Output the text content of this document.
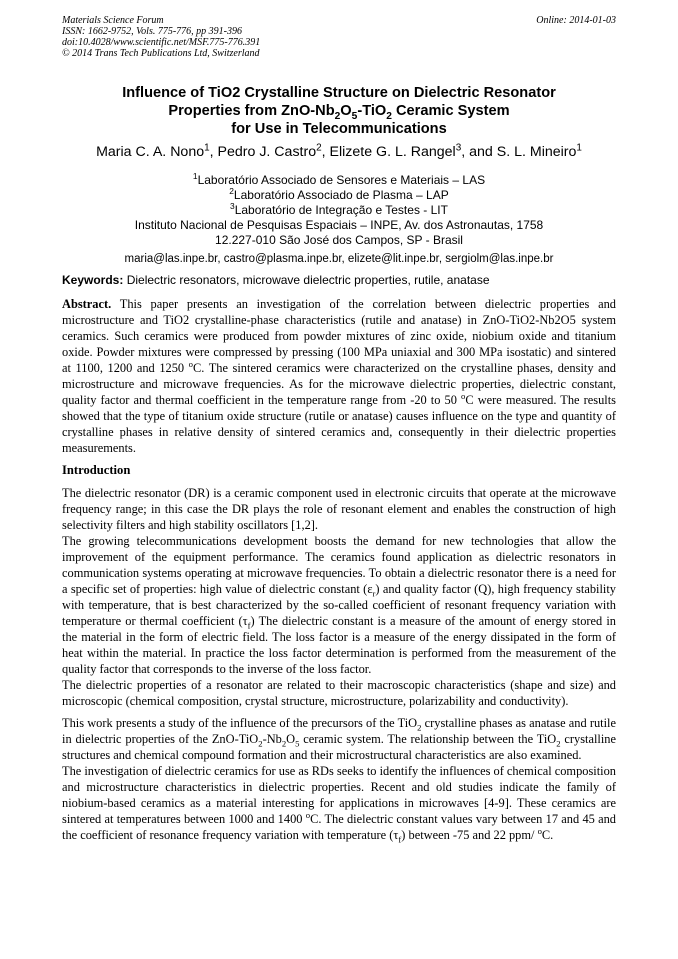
Materials Science Forum
ISSN: 1662-9752, Vols. 775-776, pp 391-396
doi:10.4028/www.scientific.net/MSF.775-776.391
© 2014 Trans Tech Publications Ltd, Switzerland
Online: 2014-01-03
Influence of TiO2 Crystalline Structure on Dielectric Resonator
Properties from ZnO-$Nb_2O_5-TiO_2$ Ceramic System
for Use in Telecommunications
Maria C. A. Nono$^1$, Pedro J. Castro$^2$, Elizete G. L. Rangel$^3$, and S. L. Mineiro$^1$
$^1$Laboratório Associado de Sensores e Materiais – LAS
$^2$Laboratório Associado de Plasma – LAP
$^3$Laboratório de Integração e Testes - LIT
Instituto Nacional de Pesquisas Espaciais – INPE, Av. dos Astronautas, 1758
12.227-010 São José dos Campos, SP - Brasil
maria@las.inpe.br, castro@plasma.inpe.br, elizete@lit.inpe.br, sergiolm@las.inpe.br
Keywords: Dielectric resonators, microwave dielectric properties, rutile, anatase
Abstract. This paper presents an investigation of the correlation between dielectric properties and microstructure and TiO2 crystalline-phase characteristics (rutile and anatase) in ZnO-TiO2-Nb2O5 system ceramics. Such ceramics were produced from powder mixtures of zinc oxide, niobium oxide and titanium oxide. Powder mixtures were compressed by pressing (100 MPa uniaxial and 300 MPa isostatic) and sintered at 1100, 1200 and 1250 $^o$C. The sintered ceramics were characterized on the crystalline phases, density and microstructure and microwave frequencies. As for the microwave dielectric properties, dielectric constant, quality factor and thermal coefficient in the temperature range from -20 to 50 $^o$C were measured. The results showed that the type of titanium oxide structure (rutile or anatase) causes influence on the type and quantity of crystalline phases in relative density of sintered ceramics and, consequently in their dielectric properties measurements.
Introduction

The dielectric resonator (DR) is a ceramic component used in electronic circuits that operate at the microwave frequency range; in this case the DR plays the role of resonant element and enables the construction of high selectivity filters and high stability oscillators [1,2].

The growing telecommunications development boosts the demand for new technologies that allow the improvement of the equipment performance. The ceramics found application as dielectric resonators in communication systems operating at microwave frequencies. To obtain a dielectric resonator there is a need for a specific set of properties: high value of dielectric constant $(\varepsilon_r)$ and quality factor (Q), high frequency stability with temperature, that is best characterized by the so-called coefficient of resonant frequency variation with temperature or thermal coefficient $(\tau_f)$ The dielectric constant is a measure of the amount of energy stored in the material in the form of electric field. The loss factor is a measure of the energy dissipated in the form of heat within the material. In practice the loss factor determination is performed from the measurement of the quality factor that corresponds to the inverse of the loss factor.

The dielectric properties of a resonator are related to their macroscopic characteristics (shape and size) and microscopic (chemical composition, crystal structure, microstructure, polarizability and conductivity).

This work presents a study of the influence of the precursors of the TiO$_2$ crystalline phases as anatase and rutile in dielectric properties of the ZnO-$TiO_2-Nb_2O_5$ ceramic system. The relationship between the TiO$_2$ crystalline structures and chemical compound formation and their microstructural characteristics are also examined.

The investigation of dielectric ceramics for use as RDs seeks to identify the influences of chemical composition and microstructure characteristics in dielectric properties. Recent and old studies indicate the family of niobium-based ceramics as a material interesting for applications in microwaves [4-9]. These ceramics are sintered at temperatures between 1000 and 1400 $^o$C. The dielectric constant values vary between 17 and 45 and the coefficient of resonance frequency variation with temperature $(\tau_f)$ between -75 and 22 ppm/ $^o$C.
